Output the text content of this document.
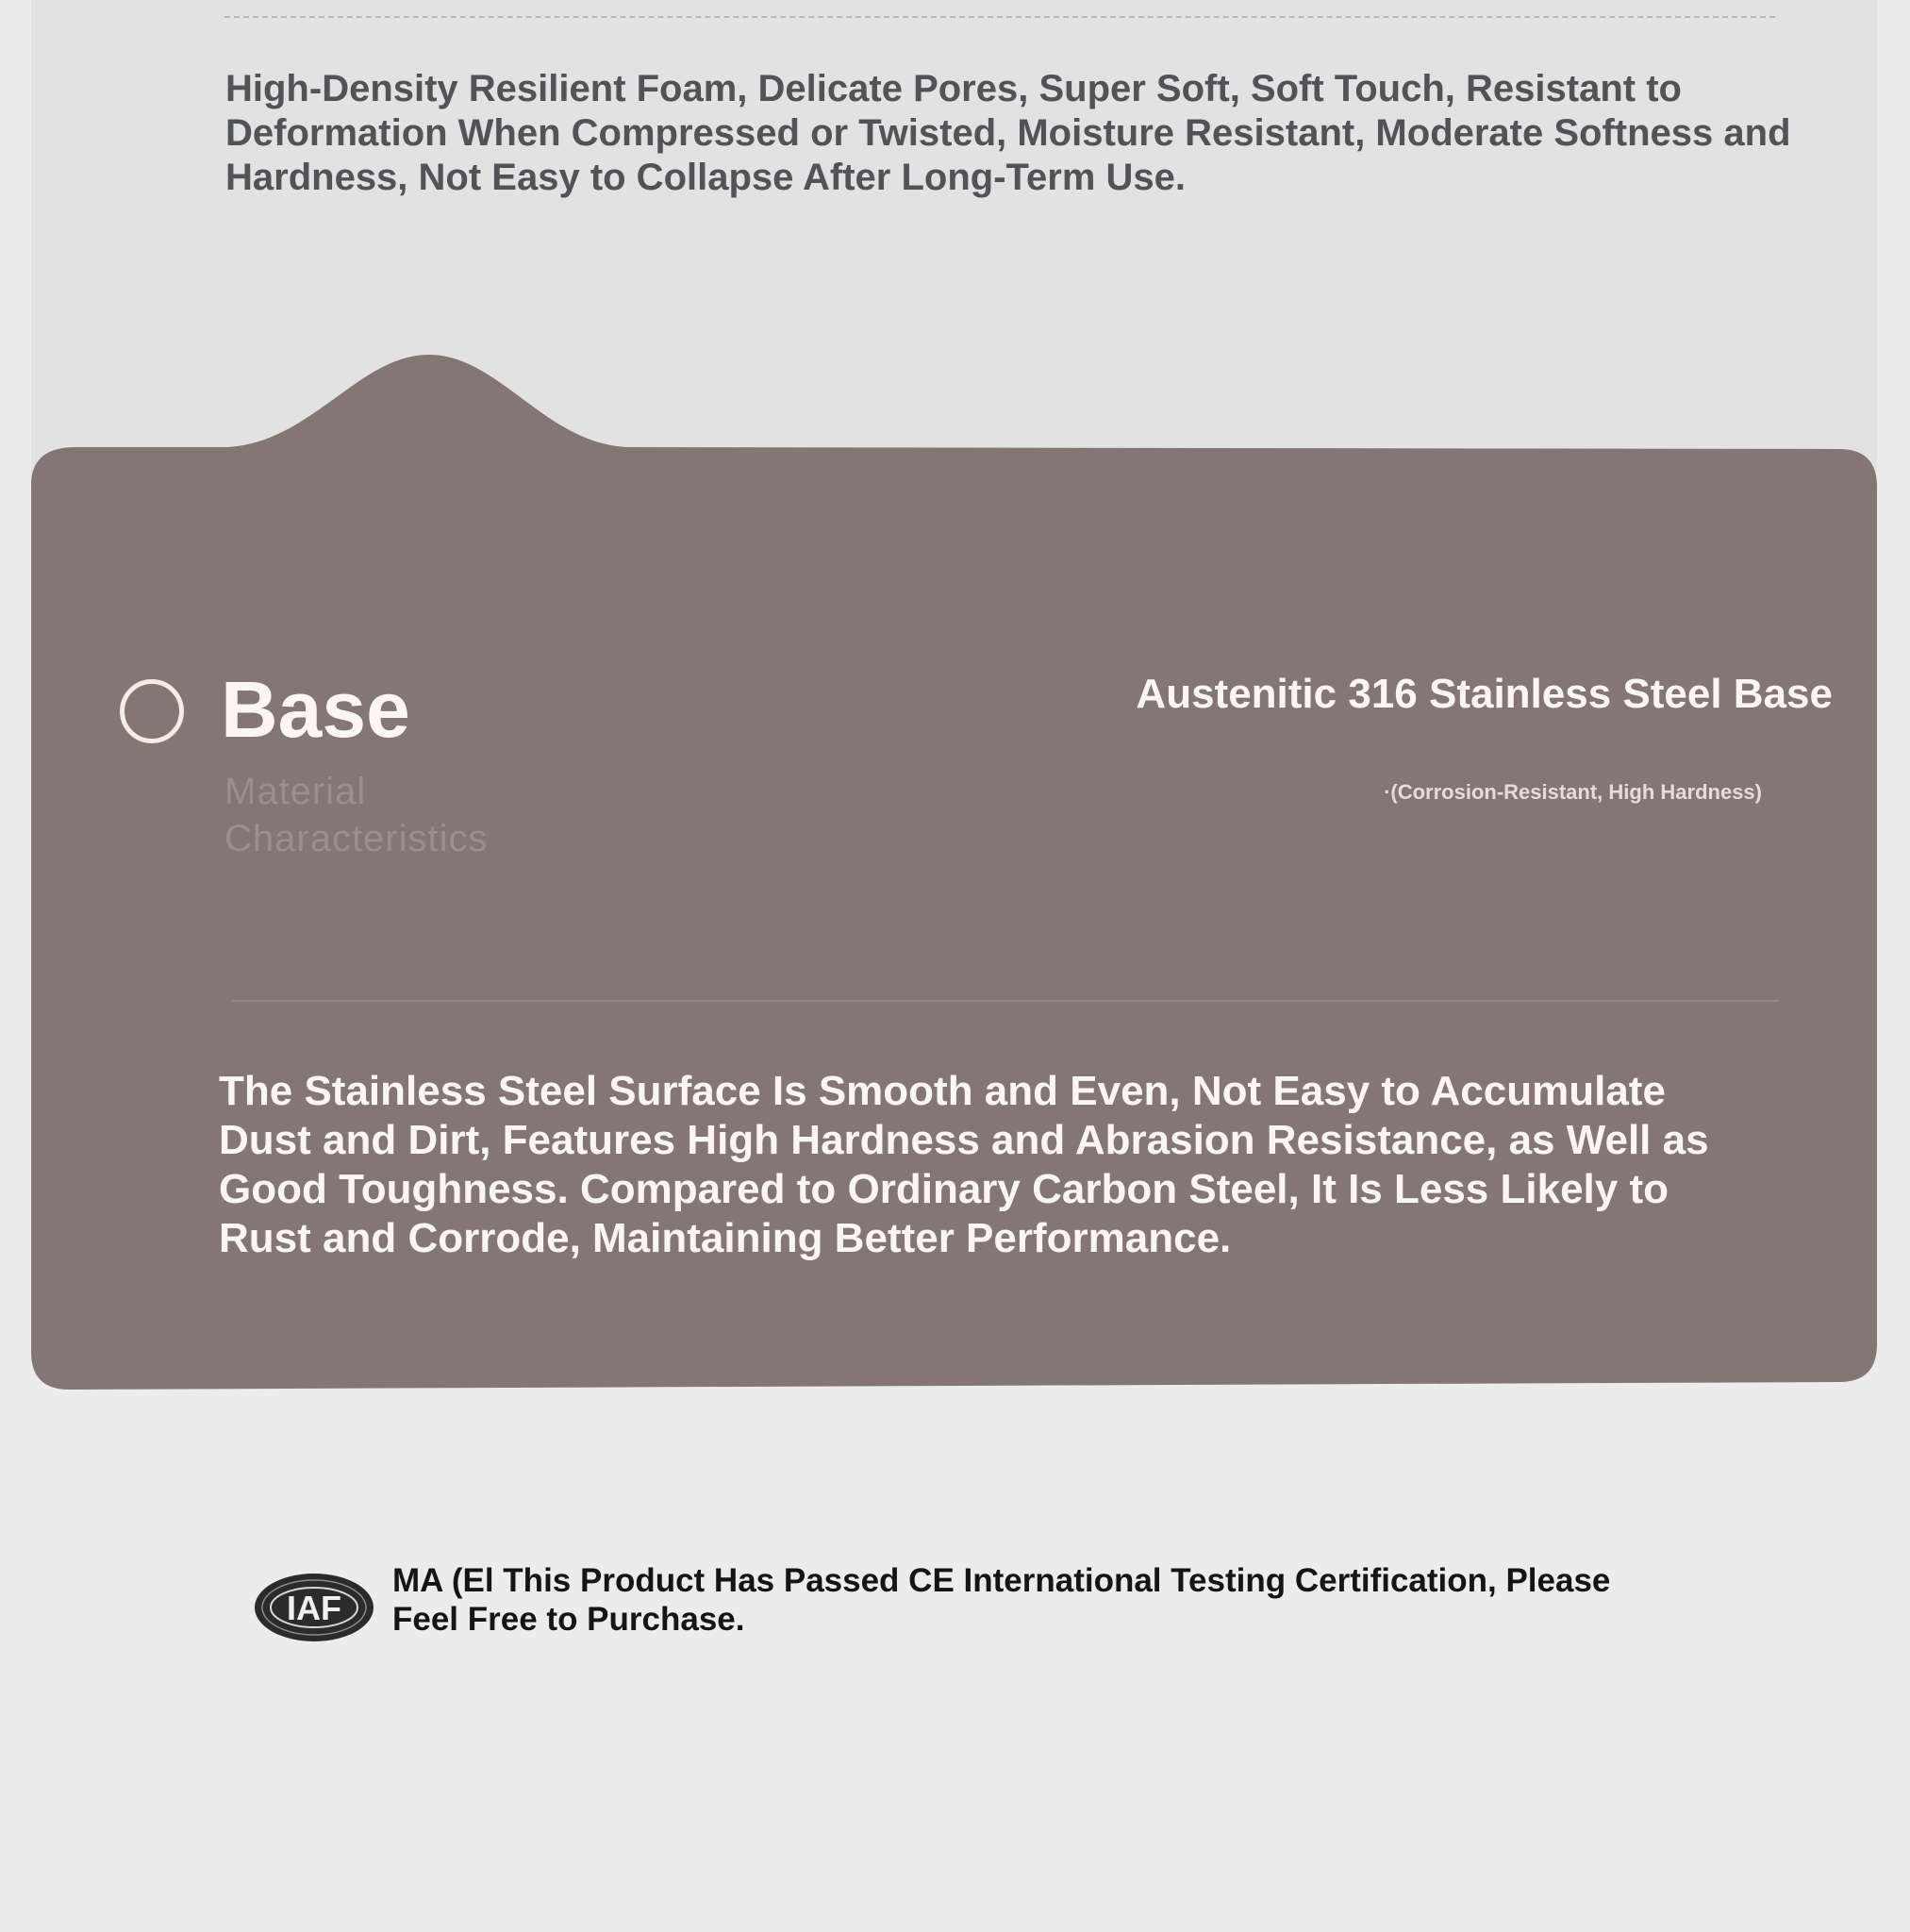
High-Density Resilient Foam, Delicate Pores, Super Soft, Soft Touch, Resistant to Deformation When Compressed or Twisted, Moisture Resistant, Moderate Softness and Hardness, Not Easy to Collapse After Long-Term Use.

Base
Material Characteristics
Austenitic 316 Stainless Steel Base
·(Corrosion-Resistant, High Hardness)

The Stainless Steel Surface Is Smooth and Even, Not Easy to Accumulate Dust and Dirt, Features High Hardness and Abrasion Resistance, as Well as Good Toughness. Compared to Ordinary Carbon Steel, It Is Less Likely to Rust and Corrode, Maintaining Better Performance.

IAF

MA (El This Product Has Passed CE International Testing Certification, Please Feel Free to Purchase.
